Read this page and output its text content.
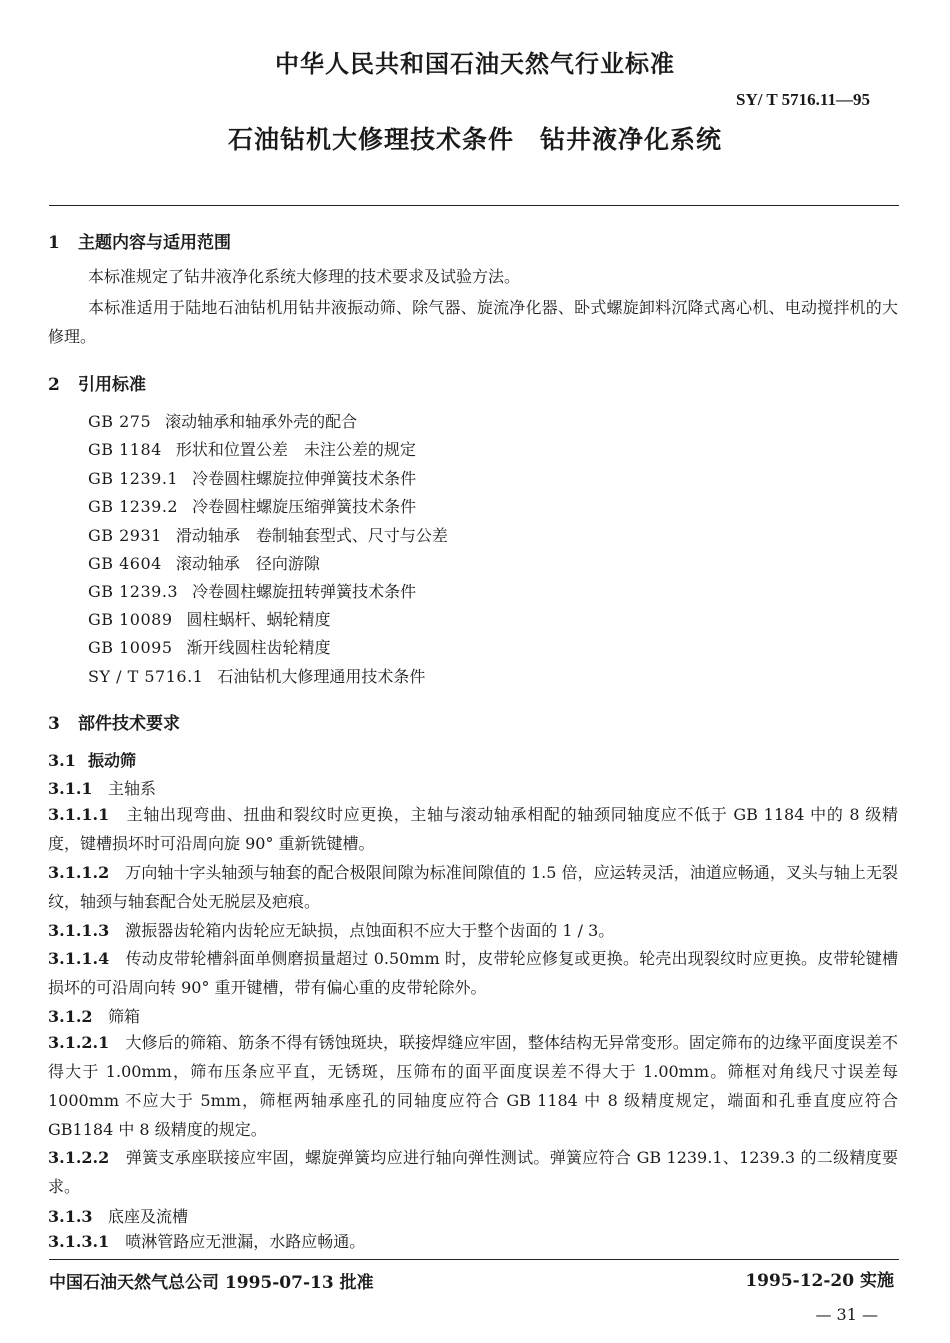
中华人民共和国石油天然气行业标准
SY/ T 5716.11—95
石油钻机大修理技术条件　钻井液净化系统
1 主题内容与适用范围
本标准规定了钻井液净化系统大修理的技术要求及试验方法。
本标准适用于陆地石油钻机用钻井液振动筛、除气器、旋流净化器、卧式螺旋卸料沉降式离心机、电动搅拌机的大修理。
2 引用标准
GB 275 滚动轴承和轴承外壳的配合
GB 1184 形状和位置公差　未注公差的规定
GB 1239.1 冷卷圆柱螺旋拉伸弹簧技术条件
GB 1239.2 冷卷圆柱螺旋压缩弹簧技术条件
GB 2931 滑动轴承　卷制轴套型式、尺寸与公差
GB 4604 滚动轴承　径向游隙
GB 1239.3 冷卷圆柱螺旋扭转弹簧技术条件
GB 10089 圆柱蜗杆、蜗轮精度
GB 10095 渐开线圆柱齿轮精度
SY / T 5716.1 石油钻机大修理通用技术条件
3 部件技术要求
3.1 振动筛
3.1.1 主轴系
3.1.1.1　 主轴出现弯曲、扭曲和裂纹时应更换，主轴与滚动轴承相配的轴颈同轴度应不低于 GB 1184 中的 8 级精度，键槽损坏时可沿周向旋 90° 重新铣键槽。
3.1.1.2　 万向轴十字头轴颈与轴套的配合极限间隙为标准间隙值的 1.5 倍，应运转灵活，油道应畅通，叉头与轴上无裂纹，轴颈与轴套配合处无脱层及疤痕。
3.1.1.3　 激振器齿轮箱内齿轮应无缺损，点蚀面积不应大于整个齿面的 1 / 3。
3.1.1.4　 传动皮带轮槽斜面单侧磨损量超过 0.50mm 时，皮带轮应修复或更换。轮壳出现裂纹时应更换。皮带轮键槽损坏的可沿周向转 90° 重开键槽，带有偏心重的皮带轮除外。
3.1.2 筛箱
3.1.2.1　 大修后的筛箱、筋条不得有锈蚀斑块，联接焊缝应牢固，整体结构无异常变形。固定筛布的边缘平面度误差不得大于 1.00mm，筛布压条应平直，无锈斑，压筛布的面平面度误差不得大于 1.00mm。筛框对角线尺寸误差每 1000mm 不应大于 5mm，筛框两轴承座孔的同轴度应符合 GB 1184 中 8 级精度规定，端面和孔垂直度应符合 GB1184 中 8 级精度的规定。
3.1.2.2　 弹簧支承座联接应牢固，螺旋弹簧均应进行轴向弹性测试。弹簧应符合 GB 1239.1、1239.3 的二级精度要求。
3.1.3 底座及流槽
3.1.3.1　 喷淋管路应无泄漏，水路应畅通。
中国石油天然气总公司 1995-07-13 批准	1995-12-20 实施
— 31 —
